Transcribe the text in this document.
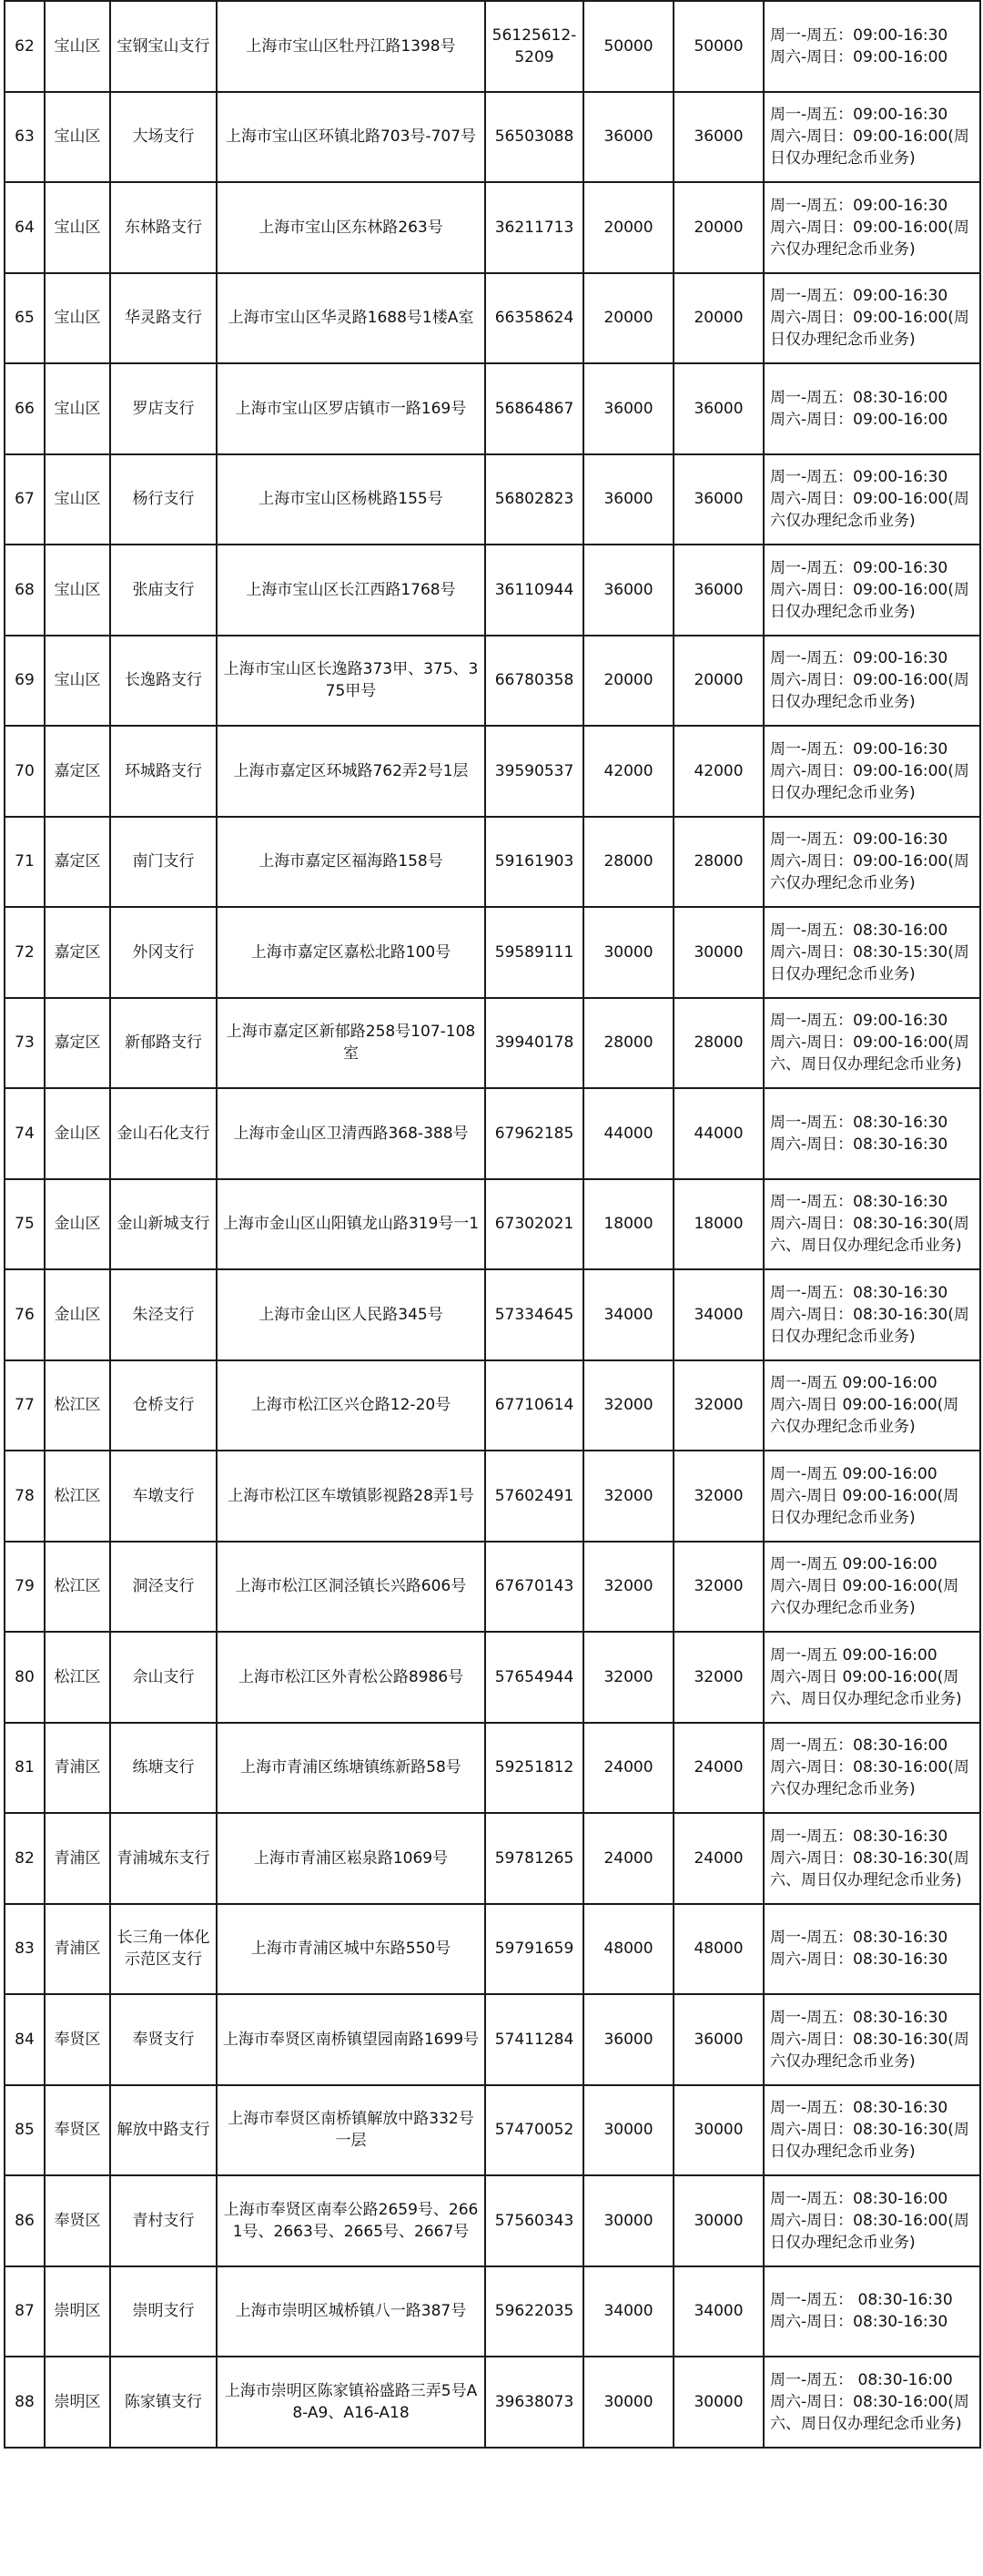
62	宝山区	宝钢宝山支行	上海市宝山区牡丹江路1398号	56125612-5209	50000	50000	周一-周五：09:00-16:30
周六-周日：09:00-16:00
63	宝山区	大场支行	上海市宝山区环镇北路703号-707号	56503088	36000	36000	周一-周五：09:00-16:30
周六-周日：09:00-16:00(周日仅办理纪念币业务)
64	宝山区	东林路支行	上海市宝山区东林路263号	36211713	20000	20000	周一-周五：09:00-16:30
周六-周日：09:00-16:00(周六仅办理纪念币业务)
65	宝山区	华灵路支行	上海市宝山区华灵路1688号1楼A室	66358624	20000	20000	周一-周五：09:00-16:30
周六-周日：09:00-16:00(周日仅办理纪念币业务)
66	宝山区	罗店支行	上海市宝山区罗店镇市一路169号	56864867	36000	36000	周一-周五：08:30-16:00
周六-周日：09:00-16:00
67	宝山区	杨行支行	上海市宝山区杨桃路155号	56802823	36000	36000	周一-周五：09:00-16:30
周六-周日：09:00-16:00(周六仅办理纪念币业务)
68	宝山区	张庙支行	上海市宝山区长江西路1768号	36110944	36000	36000	周一-周五：09:00-16:30
周六-周日：09:00-16:00(周日仅办理纪念币业务)
69	宝山区	长逸路支行	上海市宝山区长逸路373甲、375、375甲号	66780358	20000	20000	周一-周五：09:00-16:30
周六-周日：09:00-16:00(周日仅办理纪念币业务)
70	嘉定区	环城路支行	上海市嘉定区环城路762弄2号1层	39590537	42000	42000	周一-周五：09:00-16:30
周六-周日：09:00-16:00(周日仅办理纪念币业务)
71	嘉定区	南门支行	上海市嘉定区福海路158号	59161903	28000	28000	周一-周五：09:00-16:30
周六-周日：09:00-16:00(周六仅办理纪念币业务)
72	嘉定区	外冈支行	上海市嘉定区嘉松北路100号	59589111	30000	30000	周一-周五：08:30-16:00
周六-周日：08:30-15:30(周日仅办理纪念币业务)
73	嘉定区	新郁路支行	上海市嘉定区新郁路258号107-108室	39940178	28000	28000	周一-周五：09:00-16:30
周六-周日：09:00-16:00(周六、周日仅办理纪念币业务)
74	金山区	金山石化支行	上海市金山区卫清西路368-388号	67962185	44000	44000	周一-周五：08:30-16:30
周六-周日：08:30-16:30
75	金山区	金山新城支行	上海市金山区山阳镇龙山路319号一1	67302021	18000	18000	周一-周五：08:30-16:30
周六-周日：08:30-16:30(周六、周日仅办理纪念币业务)
76	金山区	朱泾支行	上海市金山区人民路345号	57334645	34000	34000	周一-周五：08:30-16:30
周六-周日：08:30-16:30(周日仅办理纪念币业务)
77	松江区	仓桥支行	上海市松江区兴仓路12-20号	67710614	32000	32000	周一-周五 09:00-16:00
周六-周日 09:00-16:00(周六仅办理纪念币业务)
78	松江区	车墩支行	上海市松江区车墩镇影视路28弄1号	57602491	32000	32000	周一-周五 09:00-16:00
周六-周日 09:00-16:00(周日仅办理纪念币业务)
79	松江区	洞泾支行	上海市松江区洞泾镇长兴路606号	67670143	32000	32000	周一-周五 09:00-16:00
周六-周日 09:00-16:00(周六仅办理纪念币业务)
80	松江区	佘山支行	上海市松江区外青松公路8986号	57654944	32000	32000	周一-周五 09:00-16:00
周六-周日 09:00-16:00(周六、周日仅办理纪念币业务)
81	青浦区	练塘支行	上海市青浦区练塘镇练新路58号	59251812	24000	24000	周一-周五：08:30-16:00
周六-周日：08:30-16:00(周六仅办理纪念币业务)
82	青浦区	青浦城东支行	上海市青浦区崧泉路1069号	59781265	24000	24000	周一-周五：08:30-16:30
周六-周日：08:30-16:30(周六、周日仅办理纪念币业务)
83	青浦区	长三角一体化示范区支行	上海市青浦区城中东路550号	59791659	48000	48000	周一-周五：08:30-16:30
周六-周日：08:30-16:30
84	奉贤区	奉贤支行	上海市奉贤区南桥镇望园南路1699号	57411284	36000	36000	周一-周五：08:30-16:30
周六-周日：08:30-16:30(周六仅办理纪念币业务)
85	奉贤区	解放中路支行	上海市奉贤区南桥镇解放中路332号一层	57470052	30000	30000	周一-周五：08:30-16:30
周六-周日：08:30-16:30(周日仅办理纪念币业务)
86	奉贤区	青村支行	上海市奉贤区南奉公路2659号、2661号、2663号、2665号、2667号	57560343	30000	30000	周一-周五：08:30-16:00
周六-周日：08:30-16:00(周日仅办理纪念币业务)
87	崇明区	崇明支行	上海市崇明区城桥镇八一路387号	59622035	34000	34000	周一-周五： 08:30-16:30
周六-周日：08:30-16:30
88	崇明区	陈家镇支行	上海市崇明区陈家镇裕盛路三弄5号A8-A9、A16-A18	39638073	30000	30000	周一-周五： 08:30-16:00
周六-周日：08:30-16:00(周六、周日仅办理纪念币业务)
